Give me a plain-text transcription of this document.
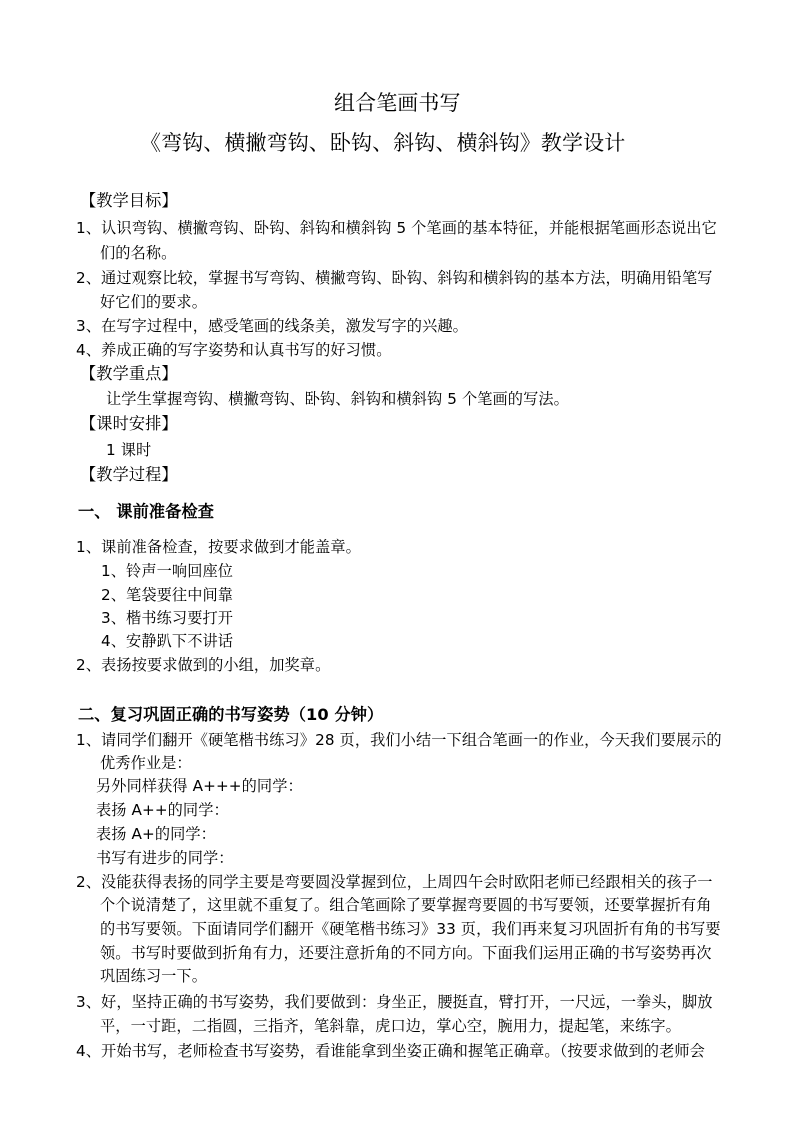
组合笔画书写
《弯钩、横撇弯钩、卧钩、斜钩、横斜钩》教学设计
【教学目标】
1、认识弯钩、横撇弯钩、卧钩、斜钩和横斜钩 5 个笔画的基本特征，并能根据笔画形态说出它
们的名称。
2、通过观察比较，掌握书写弯钩、横撇弯钩、卧钩、斜钩和横斜钩的基本方法，明确用铅笔写
好它们的要求。
3、在写字过程中，感受笔画的线条美，激发写字的兴趣。
4、养成正确的写字姿势和认真书写的好习惯。
【教学重点】
让学生掌握弯钩、横撇弯钩、卧钩、斜钩和横斜钩 5 个笔画的写法。
【课时安排】
1 课时
【教学过程】
一、 课前准备检查
1、课前准备检查，按要求做到才能盖章。
1、铃声一响回座位
2、笔袋要往中间靠
3、楷书练习要打开
4、安静趴下不讲话
2、表扬按要求做到的小组，加奖章。
二、复习巩固正确的书写姿势（10 分钟）
1、请同学们翻开《硬笔楷书练习》28 页，我们小结一下组合笔画一的作业，今天我们要展示的
优秀作业是：
另外同样获得 A+++的同学：
表扬 A++的同学：
表扬 A+的同学：
书写有进步的同学：
2、没能获得表扬的同学主要是弯要圆没掌握到位，上周四午会时欧阳老师已经跟相关的孩子一
个个说清楚了，这里就不重复了。组合笔画除了要掌握弯要圆的书写要领，还要掌握折有角
的书写要领。下面请同学们翻开《硬笔楷书练习》33 页，我们再来复习巩固折有角的书写要
领。书写时要做到折角有力，还要注意折角的不同方向。下面我们运用正确的书写姿势再次
巩固练习一下。
3、好，坚持正确的书写姿势，我们要做到：身坐正，腰挺直，臂打开，一尺远，一拳头，脚放
平，一寸距，二指圆，三指齐，笔斜靠，虎口边，掌心空，腕用力，提起笔，来练字。
4、开始书写，老师检查书写姿势，看谁能拿到坐姿正确和握笔正确章。（按要求做到的老师会
